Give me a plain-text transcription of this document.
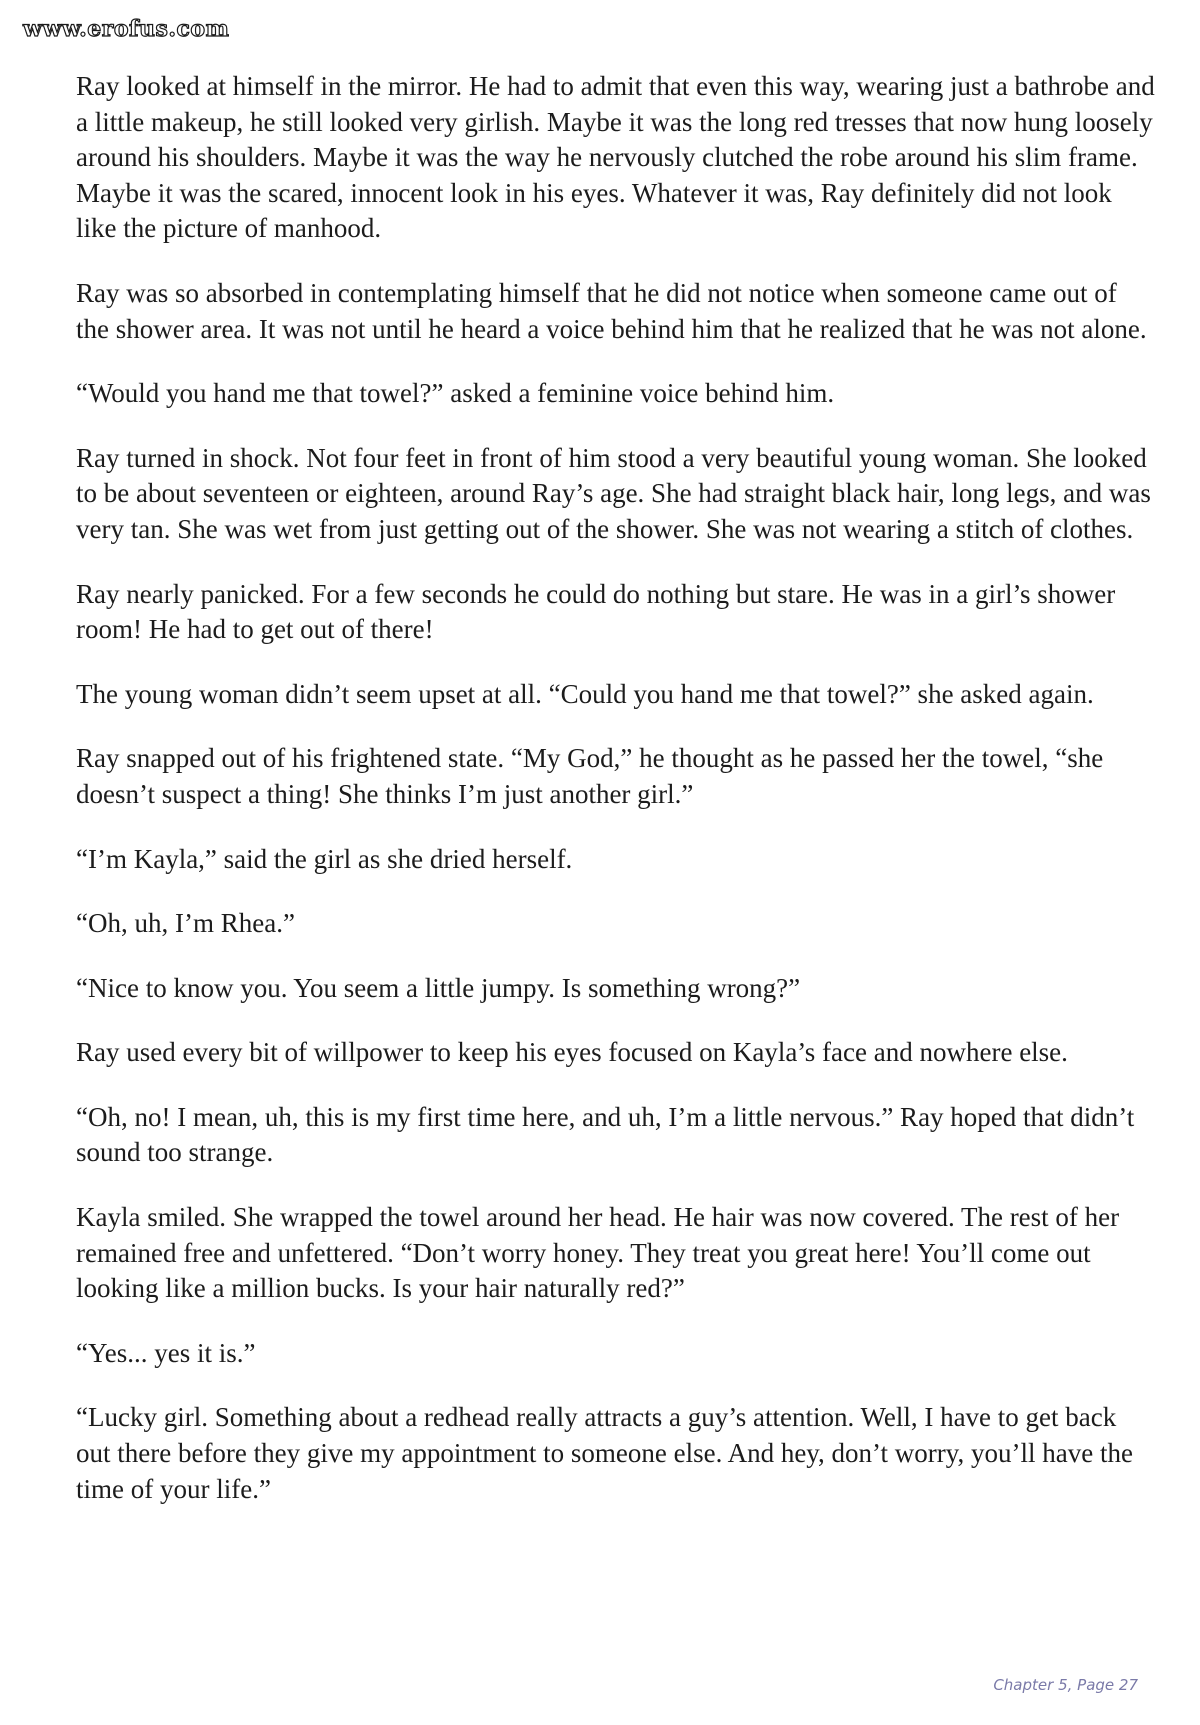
www.erofus.com

Ray looked at himself in the mirror. He had to admit that even this way, wearing just a bathrobe and a little makeup, he still looked very girlish. Maybe it was the long red tresses that now hung loosely around his shoulders. Maybe it was the way he nervously clutched the robe around his slim frame. Maybe it was the scared, innocent look in his eyes. Whatever it was, Ray definitely did not look like the picture of manhood.

Ray was so absorbed in contemplating himself that he did not notice when someone came out of the shower area. It was not until he heard a voice behind him that he realized that he was not alone.

“Would you hand me that towel?” asked a feminine voice behind him.

Ray turned in shock. Not four feet in front of him stood a very beautiful young woman. She looked to be about seventeen or eighteen, around Ray’s age. She had straight black hair, long legs, and was very tan. She was wet from just getting out of the shower. She was not wearing a stitch of clothes.

Ray nearly panicked. For a few seconds he could do nothing but stare. He was in a girl’s shower room! He had to get out of there!

The young woman didn’t seem upset at all. “Could you hand me that towel?” she asked again.

Ray snapped out of his frightened state. “My God,” he thought as he passed her the towel, “she doesn’t suspect a thing! She thinks I’m just another girl.”

“I’m Kayla,” said the girl as she dried herself.

“Oh, uh, I’m Rhea.”

“Nice to know you. You seem a little jumpy. Is something wrong?”

Ray used every bit of willpower to keep his eyes focused on Kayla’s face and nowhere else.

“Oh, no! I mean, uh, this is my first time here, and uh, I’m a little nervous.” Ray hoped that didn’t sound too strange.

Kayla smiled. She wrapped the towel around her head. He hair was now covered. The rest of her remained free and unfettered. “Don’t worry honey. They treat you great here! You’ll come out looking like a million bucks. Is your hair naturally red?”

“Yes... yes it is.”

“Lucky girl. Something about a redhead really attracts a guy’s attention. Well, I have to get back out there before they give my appointment to someone else. And hey, don’t worry, you’ll have the time of your life.”

Chapter 5, Page 27
